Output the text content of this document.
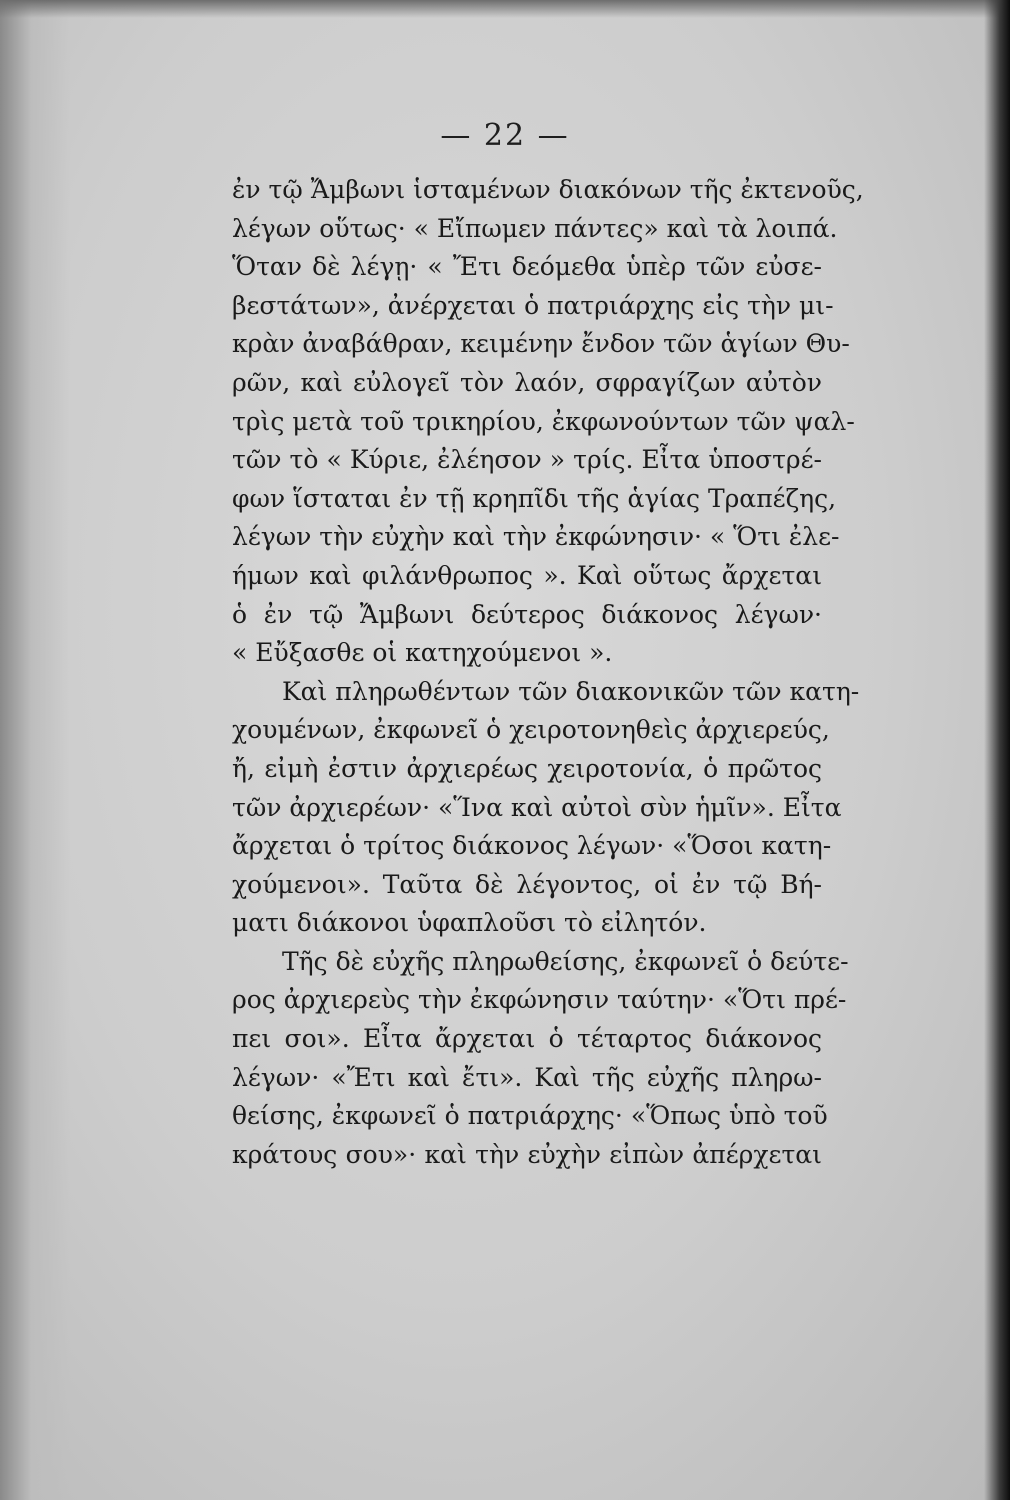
— 22 —
ἐν τῷ Ἄμβωνι ἱσταμένων διακόνων τῆς ἐκτενοῦς,
λέγων οὕτως· « Εἴπωμεν πάντες» καὶ τὰ λοιπά.
Ὅταν δὲ λέγῃ· « Ἔτι δεόμεθα ὑπὲρ τῶν εὐσε-
βεστάτων», ἀνέρχεται ὁ πατριάρχης εἰς τὴν μι-
κρὰν ἀναβάθραν, κειμένην ἔνδον τῶν ἁγίων Θυ-
ρῶν, καὶ εὐλογεῖ τὸν λαόν, σφραγίζων αὐτὸν
τρὶς μετὰ τοῦ τρικηρίου, ἐκφωνούντων τῶν ψαλ-
τῶν τὸ « Κύριε, ἐλέησον » τρίς. Εἶτα ὑποστρέ-
φων ἵσταται ἐν τῇ κρηπῖδι τῆς ἁγίας Τραπέζης,
λέγων τὴν εὐχὴν καὶ τὴν ἐκφώνησιν· « Ὅτι ἐλε-
ήμων καὶ φιλάνθρωπος ». Καὶ οὕτως ἄρχεται
ὁ ἐν τῷ Ἄμβωνι δεύτερος διάκονος λέγων·
« Εὔξασθε οἱ κατηχούμενοι ».
Καὶ πληρωθέντων τῶν διακονικῶν τῶν κατη-
χουμένων, ἐκφωνεῖ ὁ χειροτονηθεὶς ἀρχιερεύς,
ἤ, εἰμὴ ἐστιν ἀρχιερέως χειροτονία, ὁ πρῶτος
τῶν ἀρχιερέων· «Ἵνα καὶ αὐτοὶ σὺν ἡμῖν». Εἶτα
ἄρχεται ὁ τρίτος διάκονος λέγων· «Ὅσοι κατη-
χούμενοι». Ταῦτα δὲ λέγοντος, οἱ ἐν τῷ Βή-
ματι διάκονοι ὑφαπλοῦσι τὸ εἰλητόν.
Τῆς δὲ εὐχῆς πληρωθείσης, ἐκφωνεῖ ὁ δεύτε-
ρος ἀρχιερεὺς τὴν ἐκφώνησιν ταύτην· «Ὅτι πρέ-
πει σοι». Εἶτα ἄρχεται ὁ τέταρτος διάκονος
λέγων· «Ἔτι καὶ ἔτι». Καὶ τῆς εὐχῆς πληρω-
θείσης, ἐκφωνεῖ ὁ πατριάρχης· «Ὅπως ὑπὸ τοῦ
κράτους σου»· καὶ τὴν εὐχὴν εἰπὼν ἀπέρχεται
